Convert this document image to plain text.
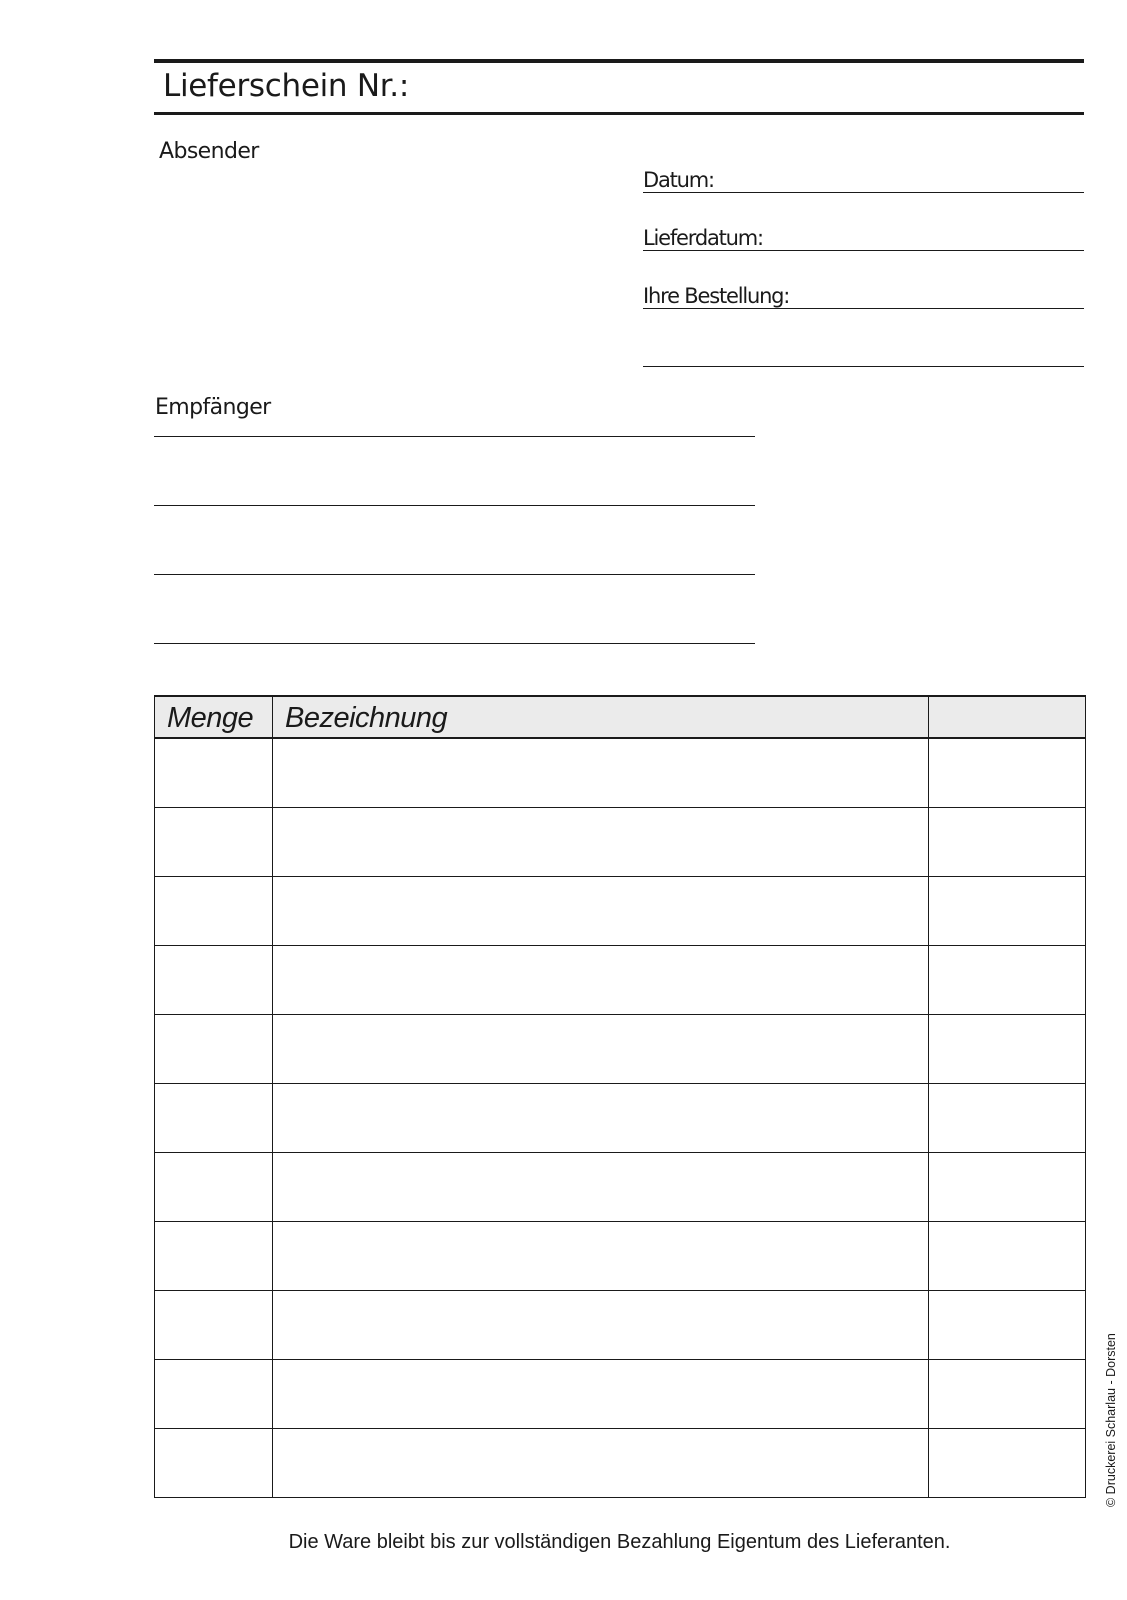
Lieferschein Nr.:
Absender
Datum:
Lieferdatum:
Ihre Bestellung:
Empfänger
Menge	Bezeichnung	

Die Ware bleibt bis zur vollständigen Bezahlung Eigentum des Lieferanten.
© Druckerei Scharlau - Dorsten
